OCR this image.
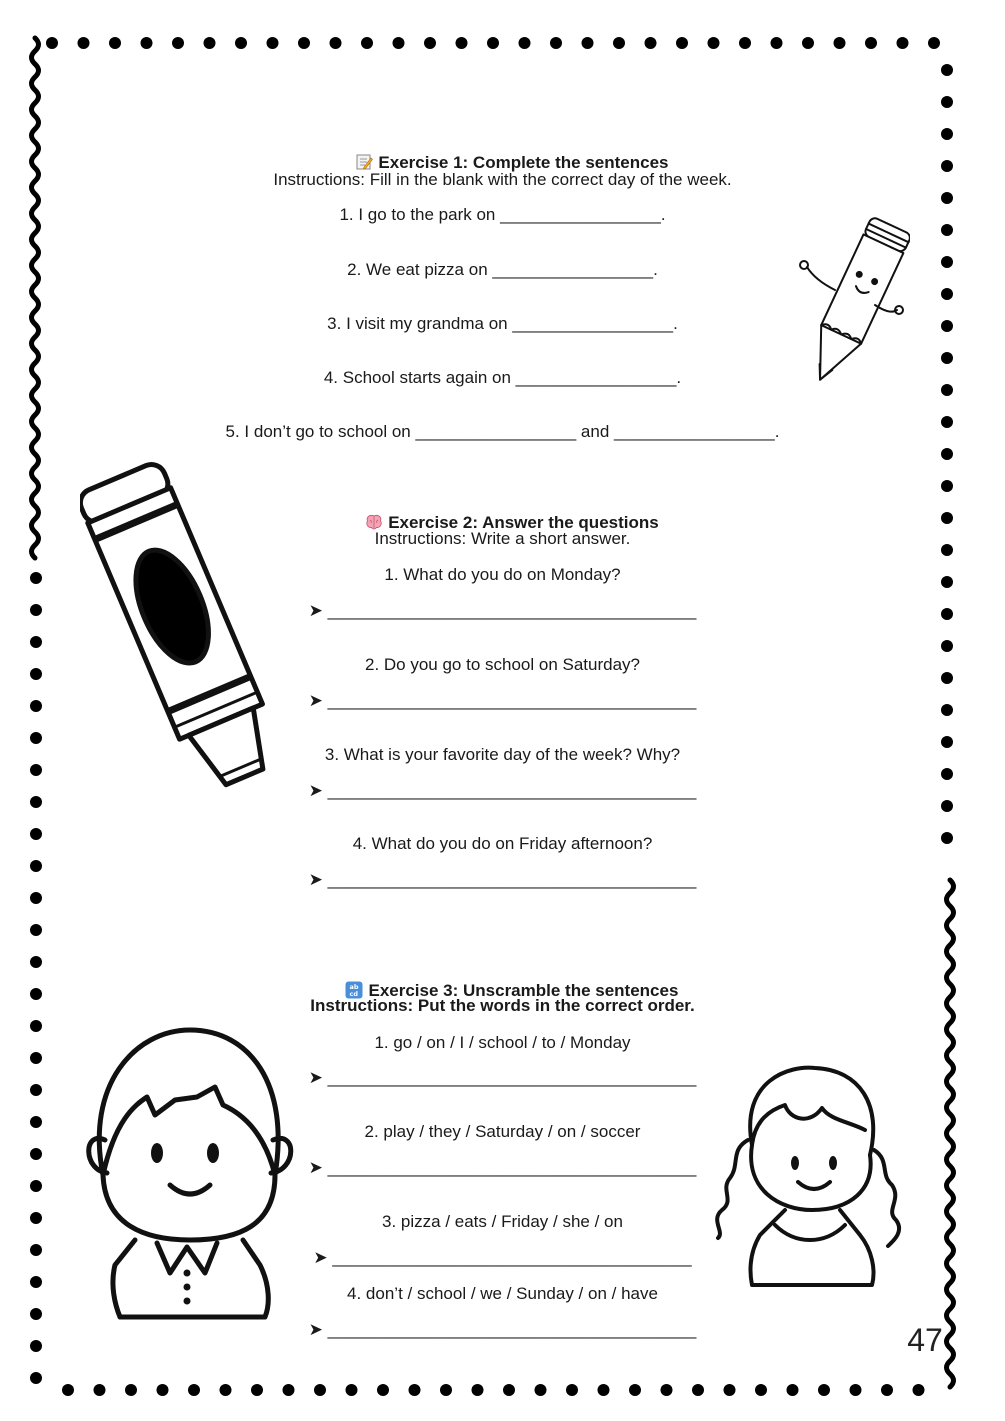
Exercise 1: Complete the sentences

Instructions: Fill in the blank with the correct day of the week.
1. I go to the park on _________________.
2. We eat pizza on _________________.
3. I visit my grandma on _________________.
4. School starts again on _________________.
5. I don’t go to school on _________________ and _________________.

Exercise 2: Answer the questions

Instructions: Write a short answer.
1. What do you do on Monday?
➤ _______________________________________
2. Do you go to school on Saturday?
➤ _______________________________________
3. What is your favorite day of the week? Why?
➤ _______________________________________
4. What do you do on Friday afternoon?
➤ _______________________________________

ab
cd Exercise 3: Unscramble the sentences

Instructions: Put the words in the correct order.
1. go / on / I / school / to / Monday
➤ _______________________________________
2. play / they / Saturday / on / soccer
➤ _______________________________________
3. pizza / eats / Friday / she / on
➤ ______________________________________
4. don’t / school / we / Sunday / on / have
➤ _______________________________________	47
